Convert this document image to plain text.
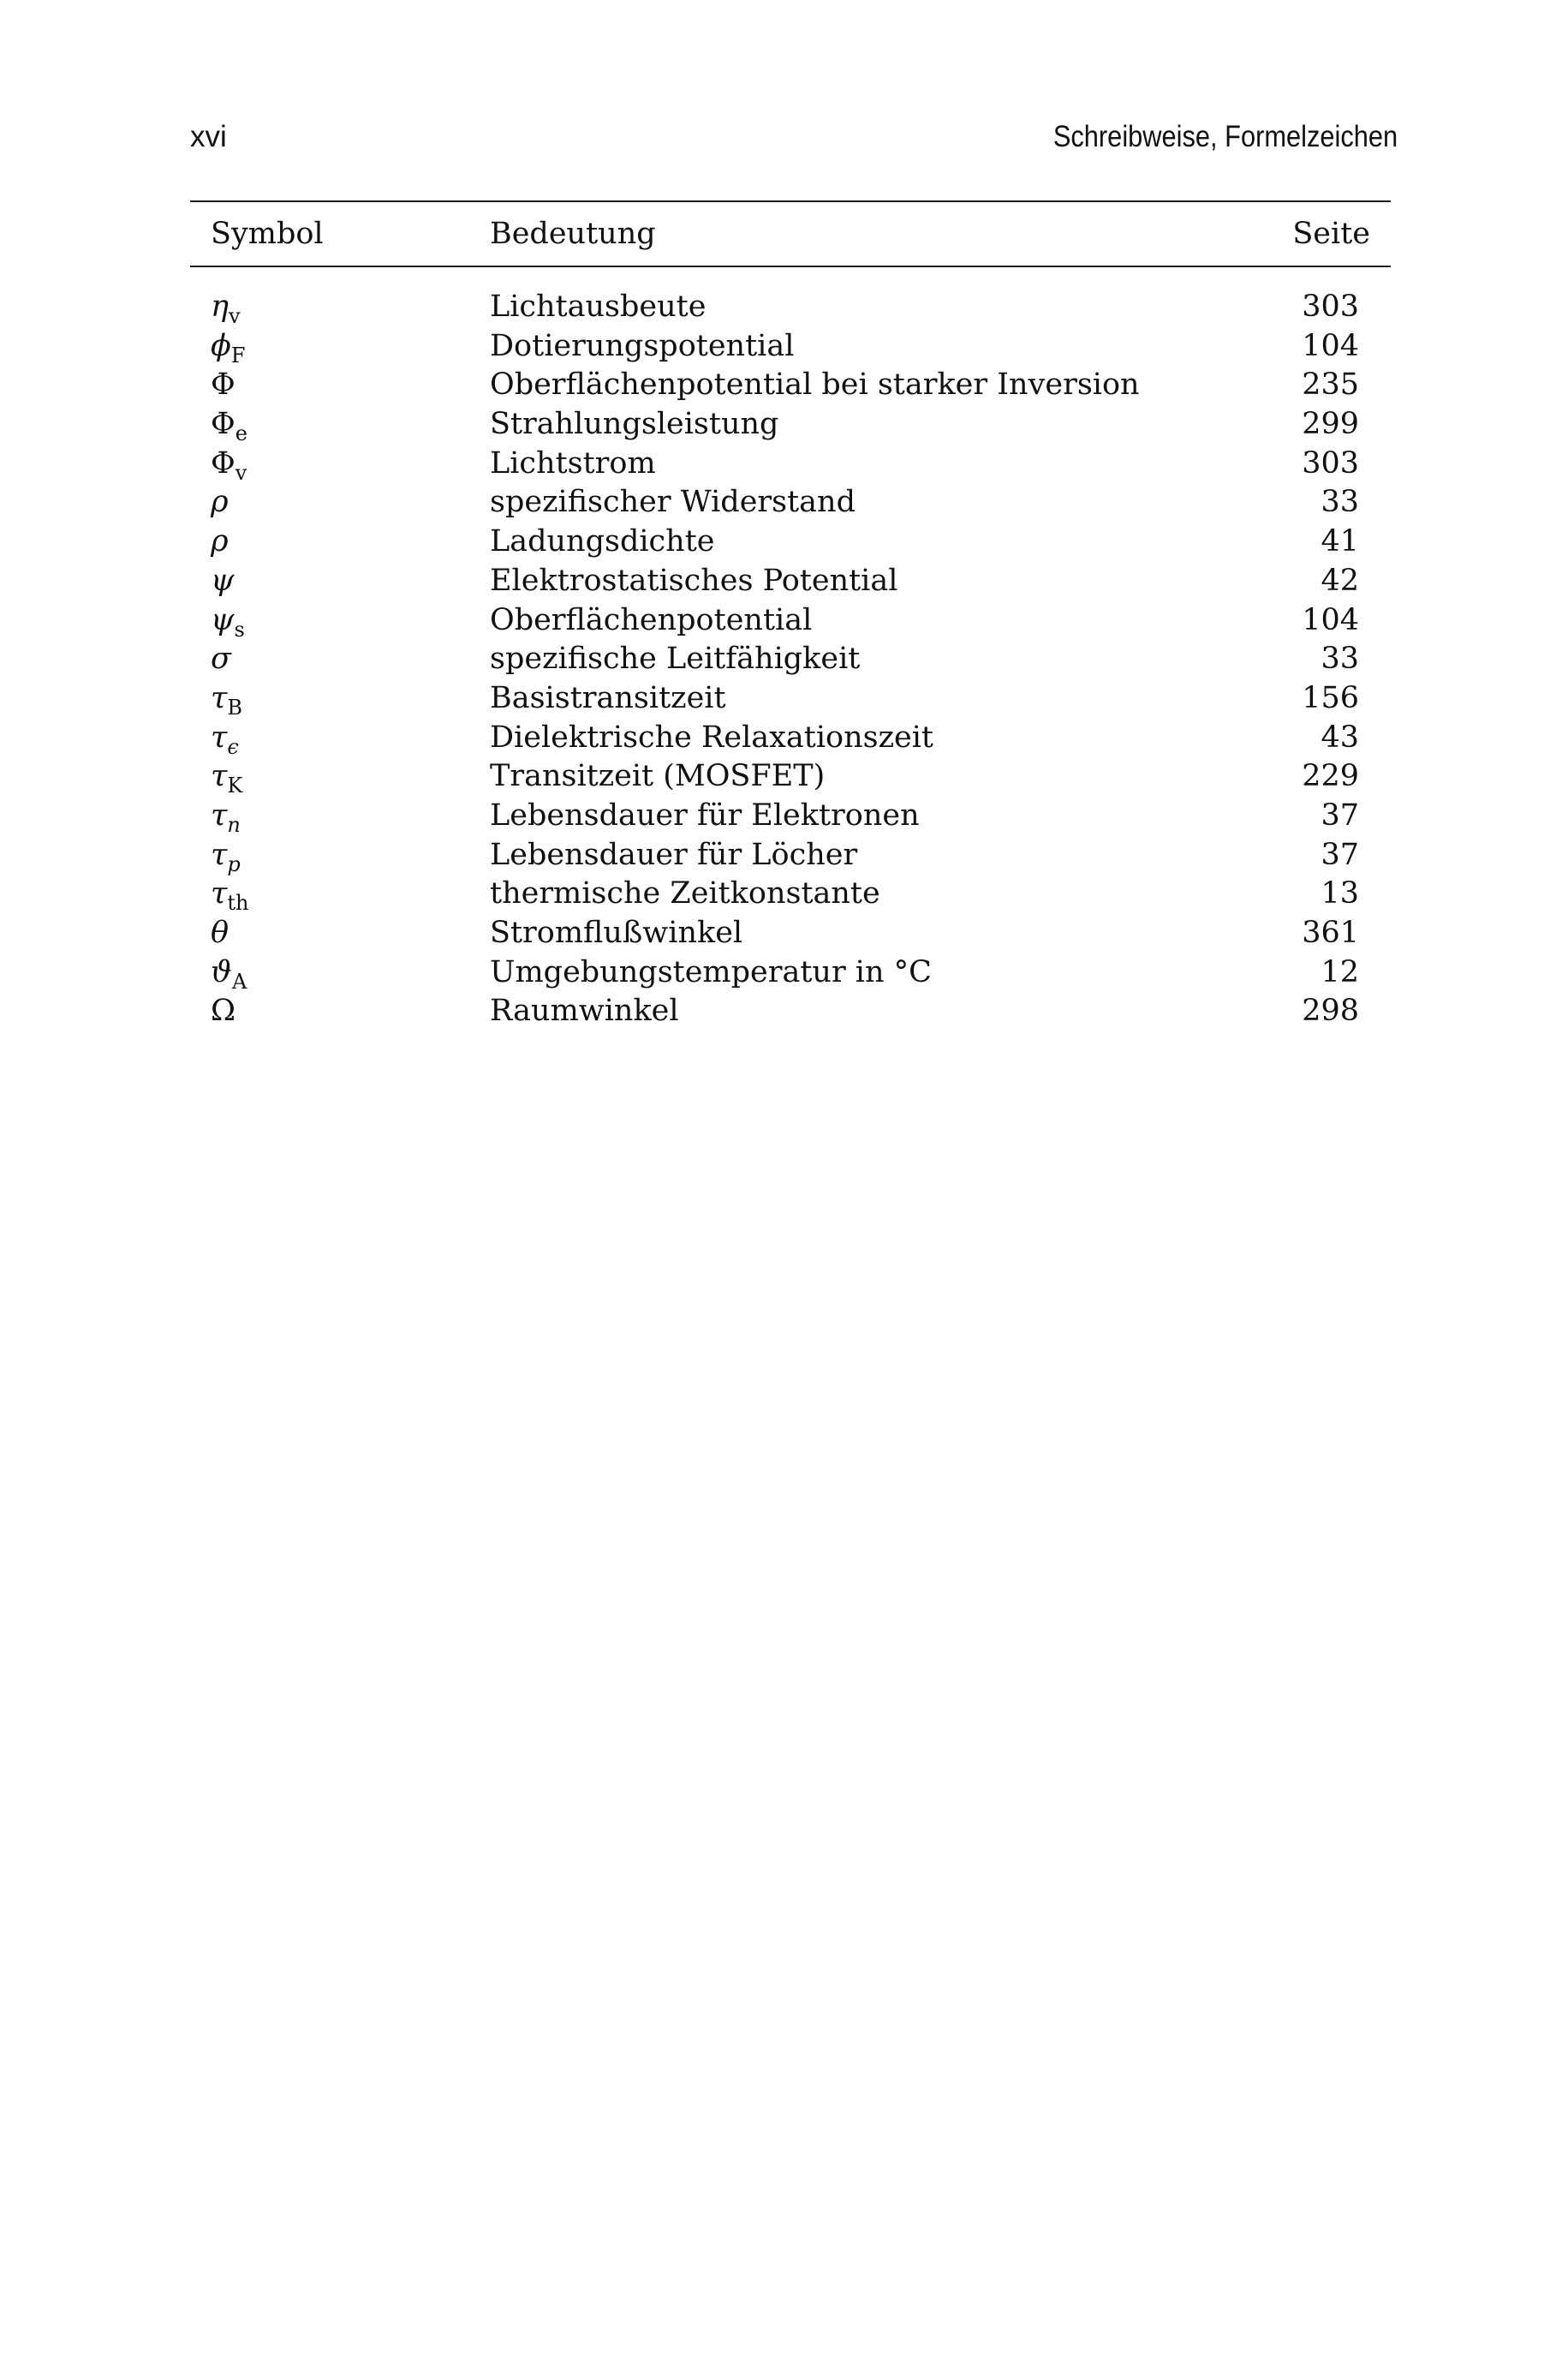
xvi	Schreibweise, Formelzeichen
Symbol	Bedeutung	Seite
$\eta_v$	Lichtausbeute	303
$\phi_F$	Dotierungspotential	104
Φ	Oberflächenpotential bei starker Inversion	235
$\Phi_e$	Strahlungsleistung	299
$\Phi_v$	Lichtstrom	303
ρ	spezifischer Widerstand	33
ρ	Ladungsdichte	41
ψ	Elektrostatisches Potential	42
$\psi_s$	Oberflächenpotential	104
σ	spezifische Leitfähigkeit	33
$\tau_B$	Basistransitzeit	156
$\tau_\epsilon$	Dielektrische Relaxationszeit	43
$\tau_K$	Transitzeit (MOSFET)	229
$\tau_n$	Lebensdauer für Elektronen	37
$\tau_p$	Lebensdauer für Löcher	37
$\tau_{th}$	thermische Zeitkonstante	13
θ	Stromflußwinkel	361
$ϑ_A$	Umgebungstemperatur in °C	12
Ω	Raumwinkel	298
